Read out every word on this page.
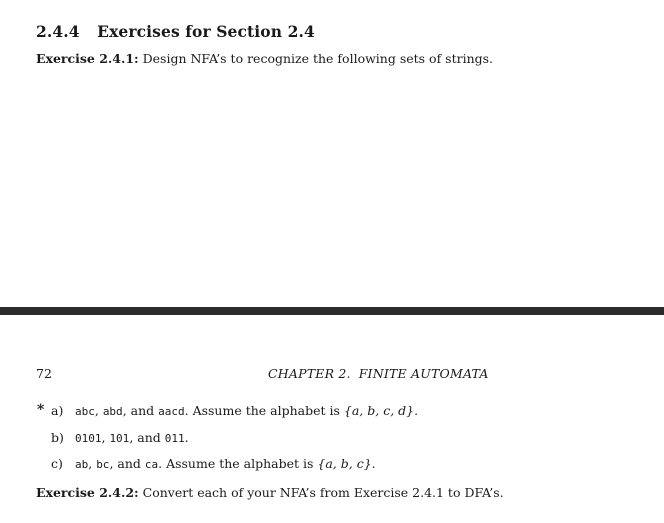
2.4.4 Exercises for Section 2.4
Exercise 2.4.1: Design NFA’s to recognize the following sets of strings.
72	CHAPTER 2. FINITE AUTOMATA
* a) abc, abd, and aacd. Assume the alphabet is {a, b, c, d}.
b) 0101, 101, and 011.
c) ab, bc, and ca. Assume the alphabet is {a, b, c}.
Exercise 2.4.2: Convert each of your NFA’s from Exercise 2.4.1 to DFA’s.
